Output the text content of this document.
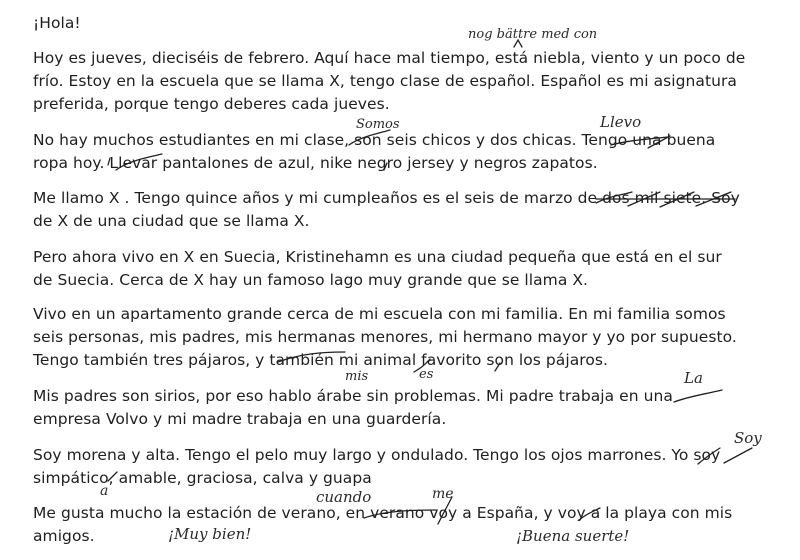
¡Hola!
Hoy es jueves, dieciséis de febrero. Aquí hace mal tiempo, está niebla, viento y un poco de
frío. Estoy en la escuela que se llama X, tengo clase de español. Español es mi asignatura
preferida, porque tengo deberes cada jueves.
No hay muchos estudiantes en mi clase, son seis chicos y dos chicas. Tengo una buena
ropa hoy. Llevar pantalones de azul, nike negro jersey y negros zapatos.
Me llamo X . Tengo quince años y mi cumpleaños es el seis de marzo de dos mil siete. Soy
de X de una ciudad que se llama X.
Pero ahora vivo en X en Suecia, Kristinehamn es una ciudad pequeña que está en el sur
de Suecia. Cerca de X hay un famoso lago muy grande que se llama X.
Vivo en un apartamento grande cerca de mi escuela con mi familia. En mi familia somos
seis personas, mis padres, mis hermanas menores, mi hermano mayor y yo por supuesto.
Tengo también tres pájaros, y también mi animal favorito son los pájaros.
Mis padres son sirios, por eso hablo árabe sin problemas. Mi padre trabaja en una
empresa Volvo y mi madre trabaja en una guardería.
Soy morena y alta. Tengo el pelo muy largo y ondulado. Tengo los ojos marrones. Yo soy
simpático, amable, graciosa, calva y guapa
Me gusta mucho la estación de verano, en verano voy a España, y voy a la playa con mis
amigos.
nog bättre med con
Somos	Llevo
mis	es	La
Soy
a	cuando	me
¡Muy bien!	¡Buena suerte!
